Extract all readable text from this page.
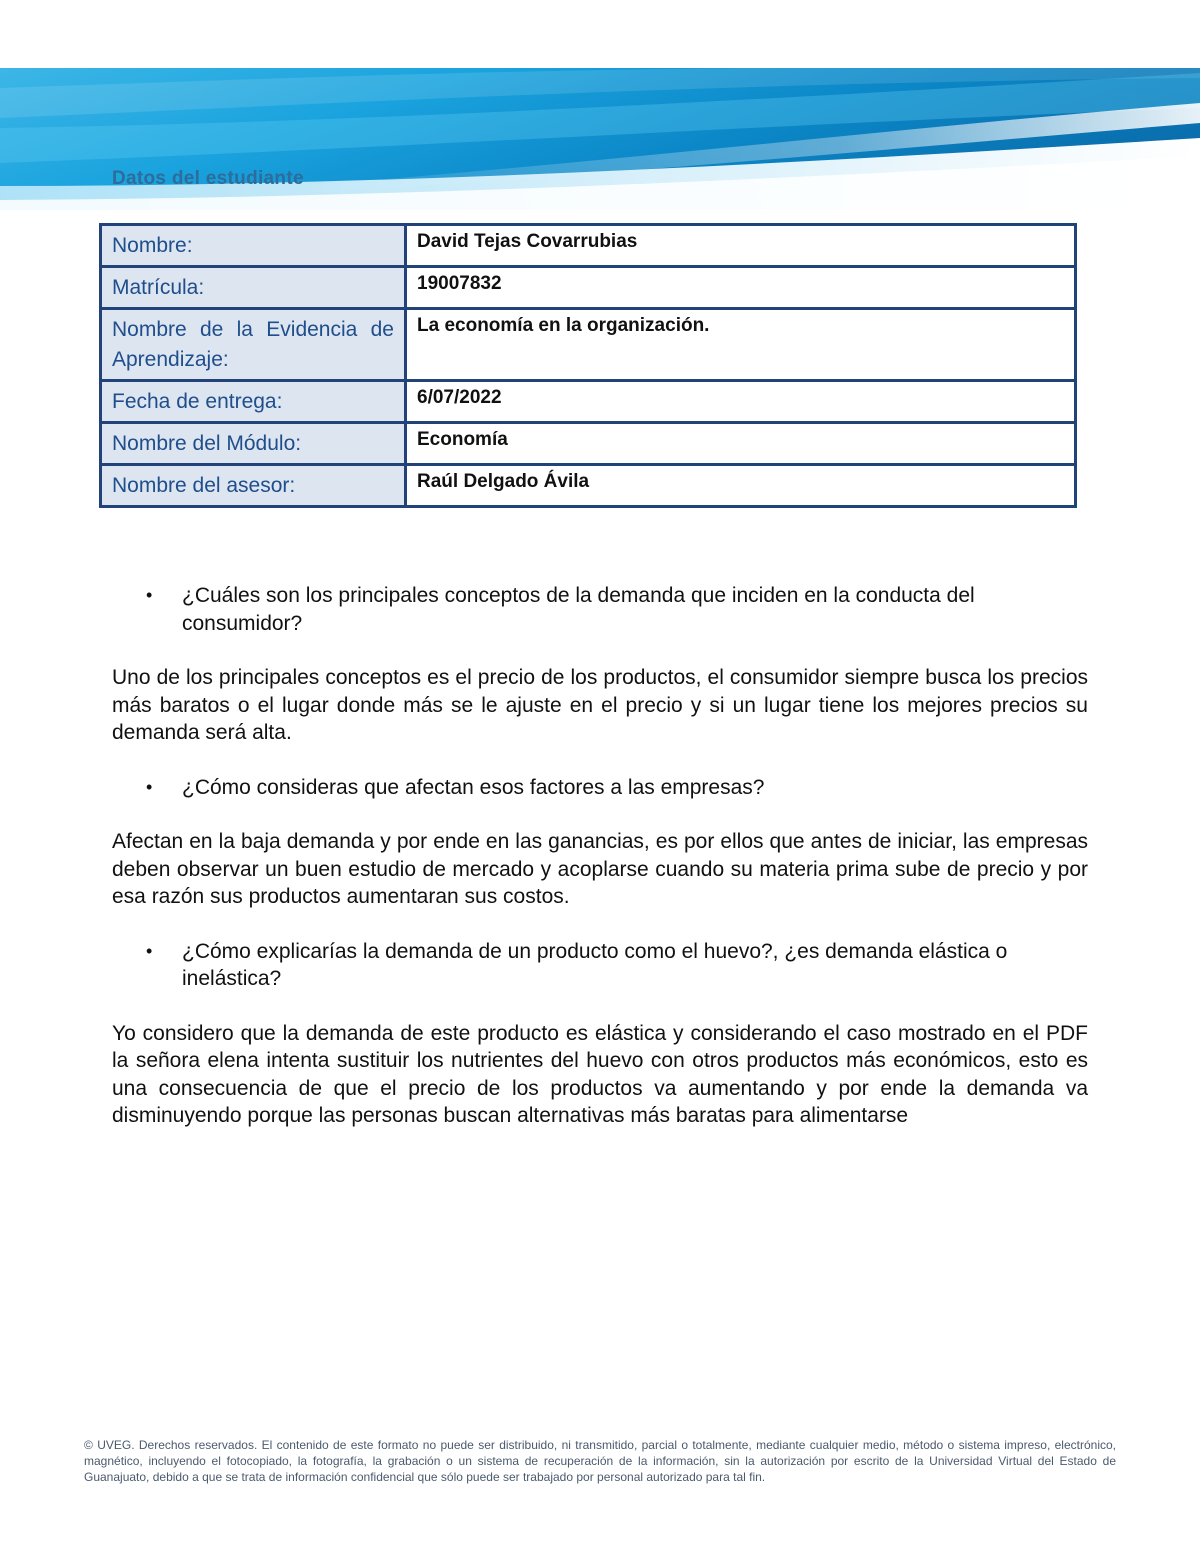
Datos del estudiante
Nombre:	David Tejas Covarrubias
Matrícula:	19007832
Nombre de la Evidencia de Aprendizaje:	La economía en la organización.
Fecha de entrega:	6/07/2022
Nombre del Módulo:	Economía
Nombre del asesor:	Raúl Delgado Ávila
• ¿Cuáles son los principales conceptos de la demanda que inciden en la conducta del consumidor?

Uno de los principales conceptos es el precio de los productos, el consumidor siempre busca los precios más baratos o el lugar donde más se le ajuste en el precio y si un lugar tiene los mejores precios su demanda será alta.

• ¿Cómo consideras que afectan esos factores a las empresas?

Afectan en la baja demanda y por ende en las ganancias, es por ellos que antes de iniciar, las empresas deben observar un buen estudio de mercado y acoplarse cuando su materia prima sube de precio y por esa razón sus productos aumentaran sus costos.

• ¿Cómo explicarías la demanda de un producto como el huevo?, ¿es demanda elástica o inelástica?

Yo considero que la demanda de este producto es elástica y considerando el caso mostrado en el PDF la señora elena intenta sustituir los nutrientes del huevo con otros productos más económicos, esto es una consecuencia de que el precio de los productos va aumentando y por ende la demanda va disminuyendo porque las personas buscan alternativas más baratas para alimentarse

© UVEG. Derechos reservados. El contenido de este formato no puede ser distribuido, ni transmitido, parcial o totalmente, mediante cualquier medio, método o sistema impreso, electrónico, magnético, incluyendo el fotocopiado, la fotografía, la grabación o un sistema de recuperación de la información, sin la autorización por escrito de la Universidad Virtual del Estado de Guanajuato, debido a que se trata de información confidencial que sólo puede ser trabajado por personal autorizado para tal fin.
